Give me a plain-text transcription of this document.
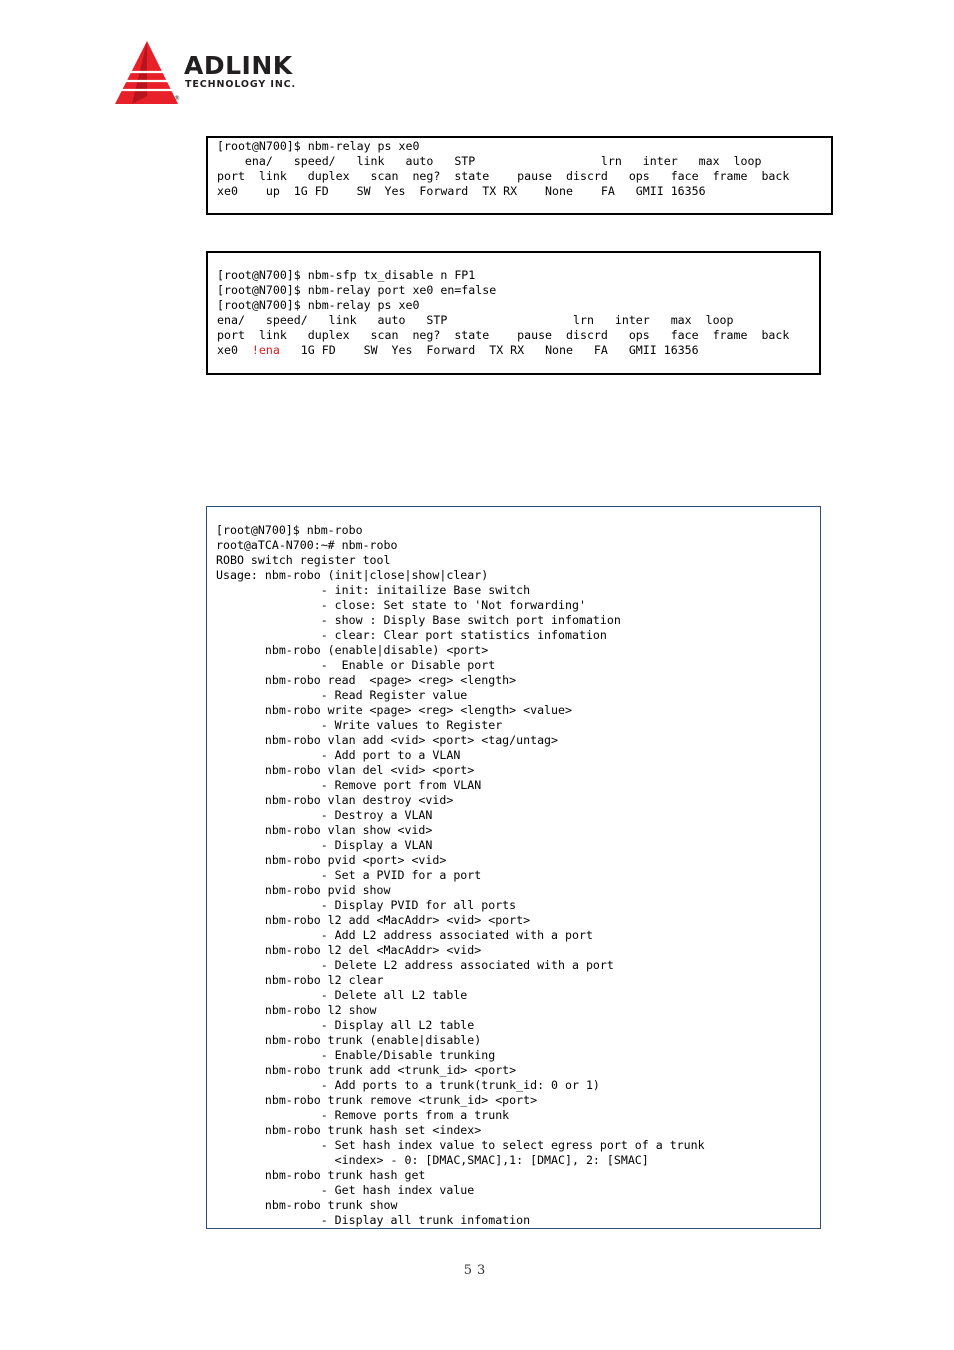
ADLINK
TECHNOLOGY INC.
®
[root@N700]$ nbm-relay ps xe0
ena/   speed/   link   auto   STP                  lrn   inter   max  loop
port  link   duplex   scan  neg?  state    pause  discrd   ops   face  frame  back
xe0    up  1G FD    SW  Yes  Forward  TX RX    None    FA   GMII 16356
[root@N700]$ nbm-sfp tx_disable n FP1
[root@N700]$ nbm-relay port xe0 en=false
[root@N700]$ nbm-relay ps xe0
ena/   speed/   link   auto   STP                  lrn   inter   max  loop
port  link   duplex   scan  neg?  state    pause  discrd   ops   face  frame  back
xe0  !ena   1G FD    SW  Yes  Forward  TX RX   None   FA   GMII 16356
[root@N700]$ nbm-robo
root@aTCA-N700:~# nbm-robo
ROBO switch register tool
Usage: nbm-robo (init|close|show|clear)
- init: initailize Base switch
- close: Set state to 'Not forwarding'
- show : Disply Base switch port infomation
- clear: Clear port statistics infomation
nbm-robo (enable|disable) <port>
-  Enable or Disable port
nbm-robo read  <page> <reg> <length>
- Read Register value
nbm-robo write <page> <reg> <length> <value>
- Write values to Register
nbm-robo vlan add <vid> <port> <tag/untag>
- Add port to a VLAN
nbm-robo vlan del <vid> <port>
- Remove port from VLAN
nbm-robo vlan destroy <vid>
- Destroy a VLAN
nbm-robo vlan show <vid>
- Display a VLAN
nbm-robo pvid <port> <vid>
- Set a PVID for a port
nbm-robo pvid show
- Display PVID for all ports
nbm-robo l2 add <MacAddr> <vid> <port>
- Add L2 address associated with a port
nbm-robo l2 del <MacAddr> <vid>
- Delete L2 address associated with a port
nbm-robo l2 clear
- Delete all L2 table
nbm-robo l2 show
- Display all L2 table
nbm-robo trunk (enable|disable)
- Enable/Disable trunking
nbm-robo trunk add <trunk_id> <port>
- Add ports to a trunk(trunk_id: 0 or 1)
nbm-robo trunk remove <trunk_id> <port>
- Remove ports from a trunk
nbm-robo trunk hash set <index>
- Set hash index value to select egress port of a trunk
<index> - 0: [DMAC,SMAC],1: [DMAC], 2: [SMAC]
nbm-robo trunk hash get
- Get hash index value
nbm-robo trunk show
- Display all trunk infomation
53
